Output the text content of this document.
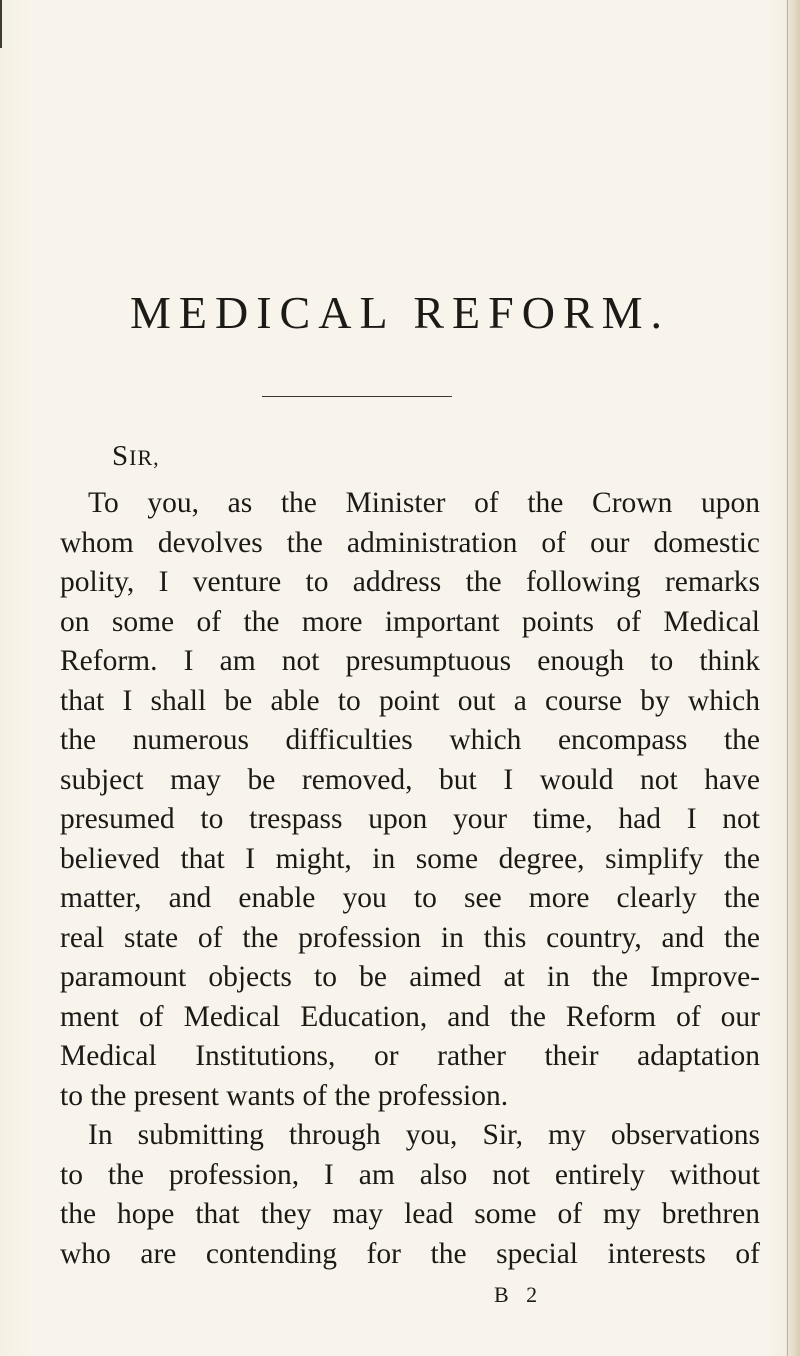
MEDICAL REFORM.
SIR,
To you, as the Minister of the Crown upon
whom devolves the administration of our domestic
polity, I venture to address the following remarks
on some of the more important points of Medical
Reform. I am not presumptuous enough to think
that I shall be able to point out a course by which
the numerous difficulties which encompass the
subject may be removed, but I would not have
presumed to trespass upon your time, had I not
believed that I might, in some degree, simplify the
matter, and enable you to see more clearly the
real state of the profession in this country, and the
paramount objects to be aimed at in the Improve-
ment of Medical Education, and the Reform of our
Medical Institutions, or rather their adaptation
to the present wants of the profession.
In submitting through you, Sir, my observations
to the profession, I am also not entirely without
the hope that they may lead some of my brethren
who are contending for the special interests of
B 2
